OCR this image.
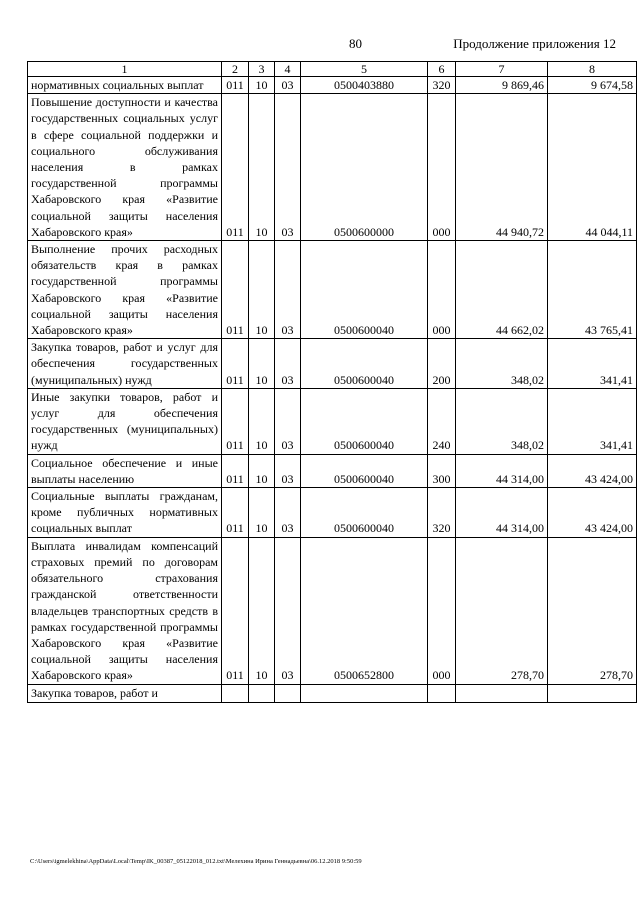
80	Продолжение приложения 12
1	2	3	4	5	6	7	8
нормативных социальных выплат	011	10	03	0500403880	320	9 869,46	9 674,58
Повышение доступности и качества государственных социальных услуг в сфере социальной поддержки и социального обслуживания населения в рамках государственной программы Хабаровского края «Развитие социальной защиты населения Хабаровского края»	011	10	03	0500600000	000	44 940,72	44 044,11
Выполнение прочих расходных обязательств края в рамках государственной программы Хабаровского края «Развитие социальной защиты населения Хабаровского края»	011	10	03	0500600040	000	44 662,02	43 765,41
Закупка товаров, работ и услуг для обеспечения государственных (муниципальных) нужд	011	10	03	0500600040	200	348,02	341,41
Иные закупки товаров, работ и услуг для обеспечения государственных (муниципальных) нужд	011	10	03	0500600040	240	348,02	341,41
Социальное обеспечение и иные выплаты населению	011	10	03	0500600040	300	44 314,00	43 424,00
Социальные выплаты гражданам, кроме публичных нормативных социальных выплат	011	10	03	0500600040	320	44 314,00	43 424,00
Выплата инвалидам компенсаций страховых премий по договорам обязательного страхования гражданской ответственности владельцев транспортных средств в рамках государственной программы Хабаровского края «Развитие социальной защиты населения Хабаровского края»	011	10	03	0500652800	000	278,70	278,70
Закупка товаров, работ и							
C:\Users\igmelekhina\AppData\Local\Temp\IK_00387_05122018_012.txt\Мелехина Ирина Геннадьевна\06.12.2018 9:50:59
